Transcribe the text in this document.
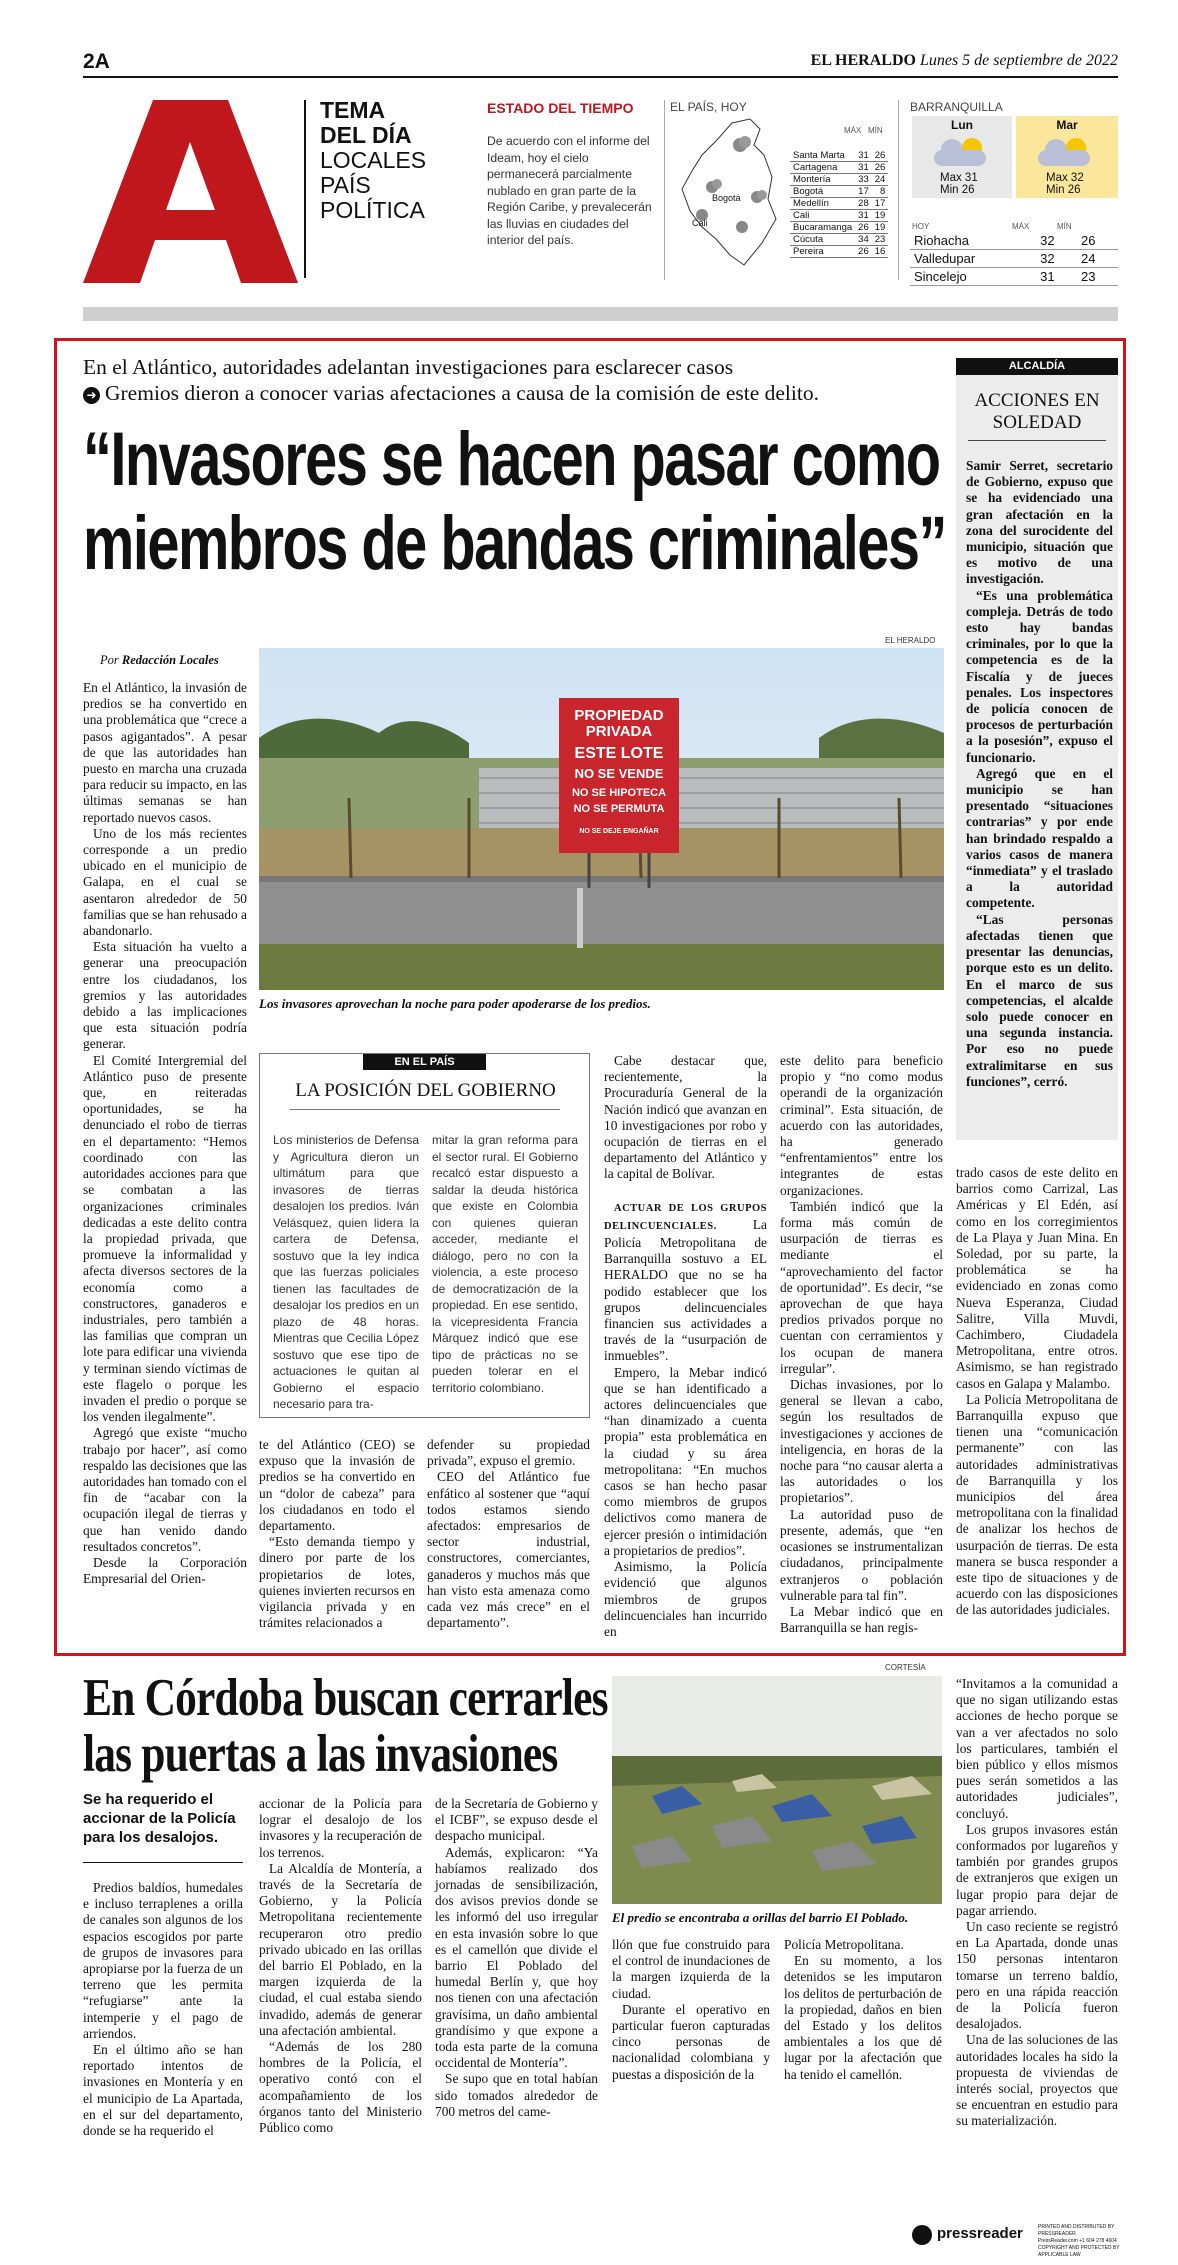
2A	EL HERALDO Lunes 5 de septiembre de 2022
TEMA
DEL DÍA
LOCALES
PAÍS
POLÍTICA
ESTADO DEL TIEMPO
De acuerdo con el informe del Ideam, hoy el cielo permanecerá parcialmente nublado en gran parte de la Región Caribe, y prevalecerán las lluvias en ciudades del interior del país.
EL PAÍS, HOY
Bogotá
Cali
MÁX MÍN
Santa Marta	31	26
Cartagena	31	26
Montería	33	24
Bogotá	17	8
Medellín	28	17
Cali	31	19
Bucaramanga	26	19
Cúcuta	34	23
Pereira	26	16
BARRANQUILLA
Lun	Mar
Max 31
Min 26
Max 32
Min 26
HOY	MÁX	MÍN
Riohacha	32	26
Valledupar	32	24
Sincelejo	31	23
En el Atlántico, autoridades adelantan investigaciones para esclarecer casos
➜ Gremios dieron a conocer varias afectaciones a causa de la comisión de este delito.
“Invasores se hacen pasar como
miembros de bandas criminales”
EL HERALDO
PROPIEDAD
PRIVADA
ESTE LOTE
NO SE VENDE
NO SE HIPOTECA
NO SE PERMUTA
NO SE DEJE ENGAÑAR
Los invasores aprovechan la noche para poder apoderarse de los predios.
Por Redacción Locales

En el Atlántico, la invasión de predios se ha convertido en una problemática que “crece a pasos agigantados”. A pesar de que las autoridades han puesto en marcha una cruzada para reducir su impacto, en las últimas semanas se han reportado nuevos casos.

Uno de los más recientes corresponde a un predio ubicado en el municipio de Galapa, en el cual se asentaron alrededor de 50 familias que se han rehusado a abandonarlo.

Esta situación ha vuelto a generar una preocupación entre los ciudadanos, los gremios y las autoridades debido a las implicaciones que esta situación podría generar.

El Comité Intergremial del Atlántico puso de presente que, en reiteradas oportunidades, se ha denunciado el robo de tierras en el departamento: “Hemos coordinado con las autoridades acciones para que se combatan a las organizaciones criminales dedicadas a este delito contra la propiedad privada, que promueve la informalidad y afecta diversos sectores de la economía como a constructores, ganaderos e industriales, pero también a las familias que compran un lote para edificar una vivienda y terminan siendo víctimas de este flagelo o porque les invaden el predio o porque se los venden ilegalmente”.

Agregó que existe “mucho trabajo por hacer”, así como respaldo las decisiones que las autoridades han tomado con el fin de “acabar con la ocupación ilegal de tierras y que han venido dando resultados concretos”.

Desde la Corporación Empresarial del Orien-

EN EL PAÍS
LA POSICIÓN DEL GOBIERNO
Los ministerios de Defensa y Agricultura dieron un ultimátum para que invasores de tierras desalojen los predios. Iván Velásquez, quien lidera la cartera de Defensa, sostuvo que la ley indica que las fuerzas policiales tienen las facultades de desalojar los predios en un plazo de 48 horas. Mientras que Cecilia López sostuvo que ese tipo de actuaciones le quitan al Gobierno el espacio necesario para tra-
mitar la gran reforma para el sector rural. El Gobierno recalcó estar dispuesto a saldar la deuda histórica que existe en Colombia con quienes quieran acceder, mediante el diálogo, pero no con la violencia, a este proceso de democratización de la propiedad. En ese sentido, la vicepresidenta Francia Márquez indicó que ese tipo de prácticas no se pueden tolerar en el territorio colombiano.

te del Atlántico (CEO) se expuso que la invasión de predios se ha convertido en un “dolor de cabeza” para los ciudadanos en todo el departamento.

“Esto demanda tiempo y dinero por parte de los propietarios de lotes, quienes invierten recursos en vigilancia privada y en trámites relacionados a

defender su propiedad privada”, expuso el gremio.

CEO del Atlántico fue enfático al sostener que “aquí todos estamos siendo afectados: empresarios de sector industrial, constructores, comerciantes, ganaderos y muchos más que han visto esta amenaza como cada vez más crece” en el departamento”.

Cabe destacar que, recientemente, la Procuraduría General de la Nación indicó que avanzan en 10 investigaciones por robo y ocupación de tierras en el departamento del Atlántico y la capital de Bolívar.

ACTUAR DE LOS GRUPOS DELINCUENCIALES.	La Policía Metropolitana de Barranquilla sostuvo a EL HERALDO que no se ha podido establecer que los grupos delincuenciales financien sus actividades a través de la “usurpación de inmuebles”.

Empero, la Mebar indicó que se han identificado a actores delincuenciales que “han dinamizado a cuenta propia” esta problemática en la ciudad y su área metropolitana: “En muchos casos se han hecho pasar como miembros de grupos delictivos como manera de ejercer presión o intimidación a propietarios de predios”.

Asimismo, la Policía evidenció que algunos miembros de grupos delincuenciales han incurrido en

este delito para beneficio propio y “no como modus operandi de la organización criminal”. Esta situación, de acuerdo con las autoridades, ha generado “enfrentamientos” entre los integrantes de estas organizaciones.

También indicó que la forma más común de usurpación de tierras es mediante el “aprovechamiento del factor de oportunidad”. Es decir, “se aprovechan de que haya predios privados porque no cuentan con cerramientos y los ocupan de manera irregular”.

Dichas invasiones, por lo general se llevan a cabo, según los resultados de investigaciones y acciones de inteligencia, en horas de la noche para “no causar alerta a las autoridades o los propietarios”.

La autoridad puso de presente, además, que “en ocasiones se instrumentalizan ciudadanos, principalmente extranjeros o población vulnerable para tal fin”.

La Mebar indicó que en Barranquilla se han regis-

trado casos de este delito en barrios como Carrizal, Las Américas y El Edén, así como en los corregimientos de La Playa y Juan Mina. En Soledad, por su parte, la problemática se ha evidenciado en zonas como Nueva Esperanza, Ciudad Salitre, Villa Muvdi, Cachimbero, Ciudadela Metropolitana, entre otros. Asimismo, se han registrado casos en Galapa y Malambo.

La Policía Metropolitana de Barranquilla expuso que tienen una “comunicación permanente” con las autoridades administrativas de Barranquilla y los municipios del área metropolitana con la finalidad de analizar los hechos de usurpación de tierras. De esta manera se busca responder a este tipo de situaciones y de acuerdo con las disposiciones de las autoridades judiciales.

ALCALDÍA
ACCIONES EN
SOLEDAD

Samir Serret, secretario de Gobierno, expuso que se ha evidenciado una gran afectación en la zona del surocidente del municipio, situación que es motivo de una investigación.

“Es una problemática compleja. Detrás de todo esto hay bandas criminales, por lo que la competencia es de la Fiscalía y de jueces penales. Los inspectores de policía conocen de procesos de perturbación a la posesión”, expuso el funcionario.

Agregó que en el municipio se han presentado “situaciones contrarias” y por ende han brindado respaldo a varios casos de manera “inmediata” y el traslado a la autoridad competente.

“Las personas afectadas tienen que presentar las denuncias, porque esto es un delito. En el marco de sus competencias, el alcalde solo puede conocer en una segunda instancia. Por eso no puede extralimitarse en sus funciones”, cerró.

CORTESÍA
En Córdoba buscan cerrarles
las puertas a las invasiones
Se ha requerido el accionar de la Policía para los desalojos.

Predios baldíos, humedales e incluso terraplenes a orilla de canales son algunos de los espacios escogidos por parte de grupos de invasores para apropiarse por la fuerza de un terreno que les permita “refugiarse” ante la intemperie y el pago de arriendos.

En el último año se han reportado intentos de invasiones en Montería y en el municipio de La Apartada, en el sur del departamento, donde se ha requerido el

accionar de la Policía para lograr el desalojo de los invasores y la recuperación de los terrenos.

La Alcaldía de Montería, a través de la Secretaría de Gobierno, y la Policía Metropolitana recientemente recuperaron otro predio privado ubicado en las orillas del barrio El Poblado, en la margen izquierda de la ciudad, el cual estaba siendo invadido, además de generar una afectación ambiental.

“Además de los 280 hombres de la Policía, el operativo contó con el acompañamiento de los órganos tanto del Ministerio Público como

de la Secretaría de Gobierno y el ICBF”, se expuso desde el despacho municipal.

Además, explicaron: “Ya habíamos realizado dos jornadas de sensibilización, dos avisos previos donde se les informó del uso irregular en esta invasión sobre lo que es el camellón que divide el barrio El Poblado del humedal Berlín y, que hoy nos tienen con una afectación gravísima, un daño ambiental grandísimo y que expone a toda esta parte de la comuna occidental de Montería”.

Se supo que en total habían sido tomados alrededor de 700 metros del came-

El predio se encontraba a orillas del barrio El Poblado.

llón que fue construido para el control de inundaciones de la margen izquierda de la ciudad.

Durante el operativo en particular fueron capturadas cinco personas de nacionalidad colombiana y puestas a disposición de la

Policía Metropolitana.

En su momento, a los detenidos se les imputaron los delitos de perturbación de la propiedad, daños en bien del Estado y los delitos ambientales a los que dé lugar por la afectación que ha tenido el camellón.

“Invitamos a la comunidad a que no sigan utilizando estas acciones de hecho porque se van a ver afectados no solo los particulares, también el bien público y ellos mismos pues serán sometidos a las autoridades judiciales”, concluyó.

Los grupos invasores están conformados por lugareños y también por grandes grupos de extranjeros que exigen un lugar propio para dejar de pagar arriendo.

Un caso reciente se registró en La Apartada, donde unas 150 personas intentaron tomarse un terreno baldío, pero en una rápida reacción de la Policía fueron desalojados.

Una de las soluciones de las autoridades locales ha sido la propuesta de viviendas de interés social, proyectos que se encuentran en estudio para su materialización.

pressreader	PRINTED AND DISTRIBUTED BY PRESSREADER
PressReader.com +1 604 278 4604
COPYRIGHT AND PROTECTED BY APPLICABLE LAW
